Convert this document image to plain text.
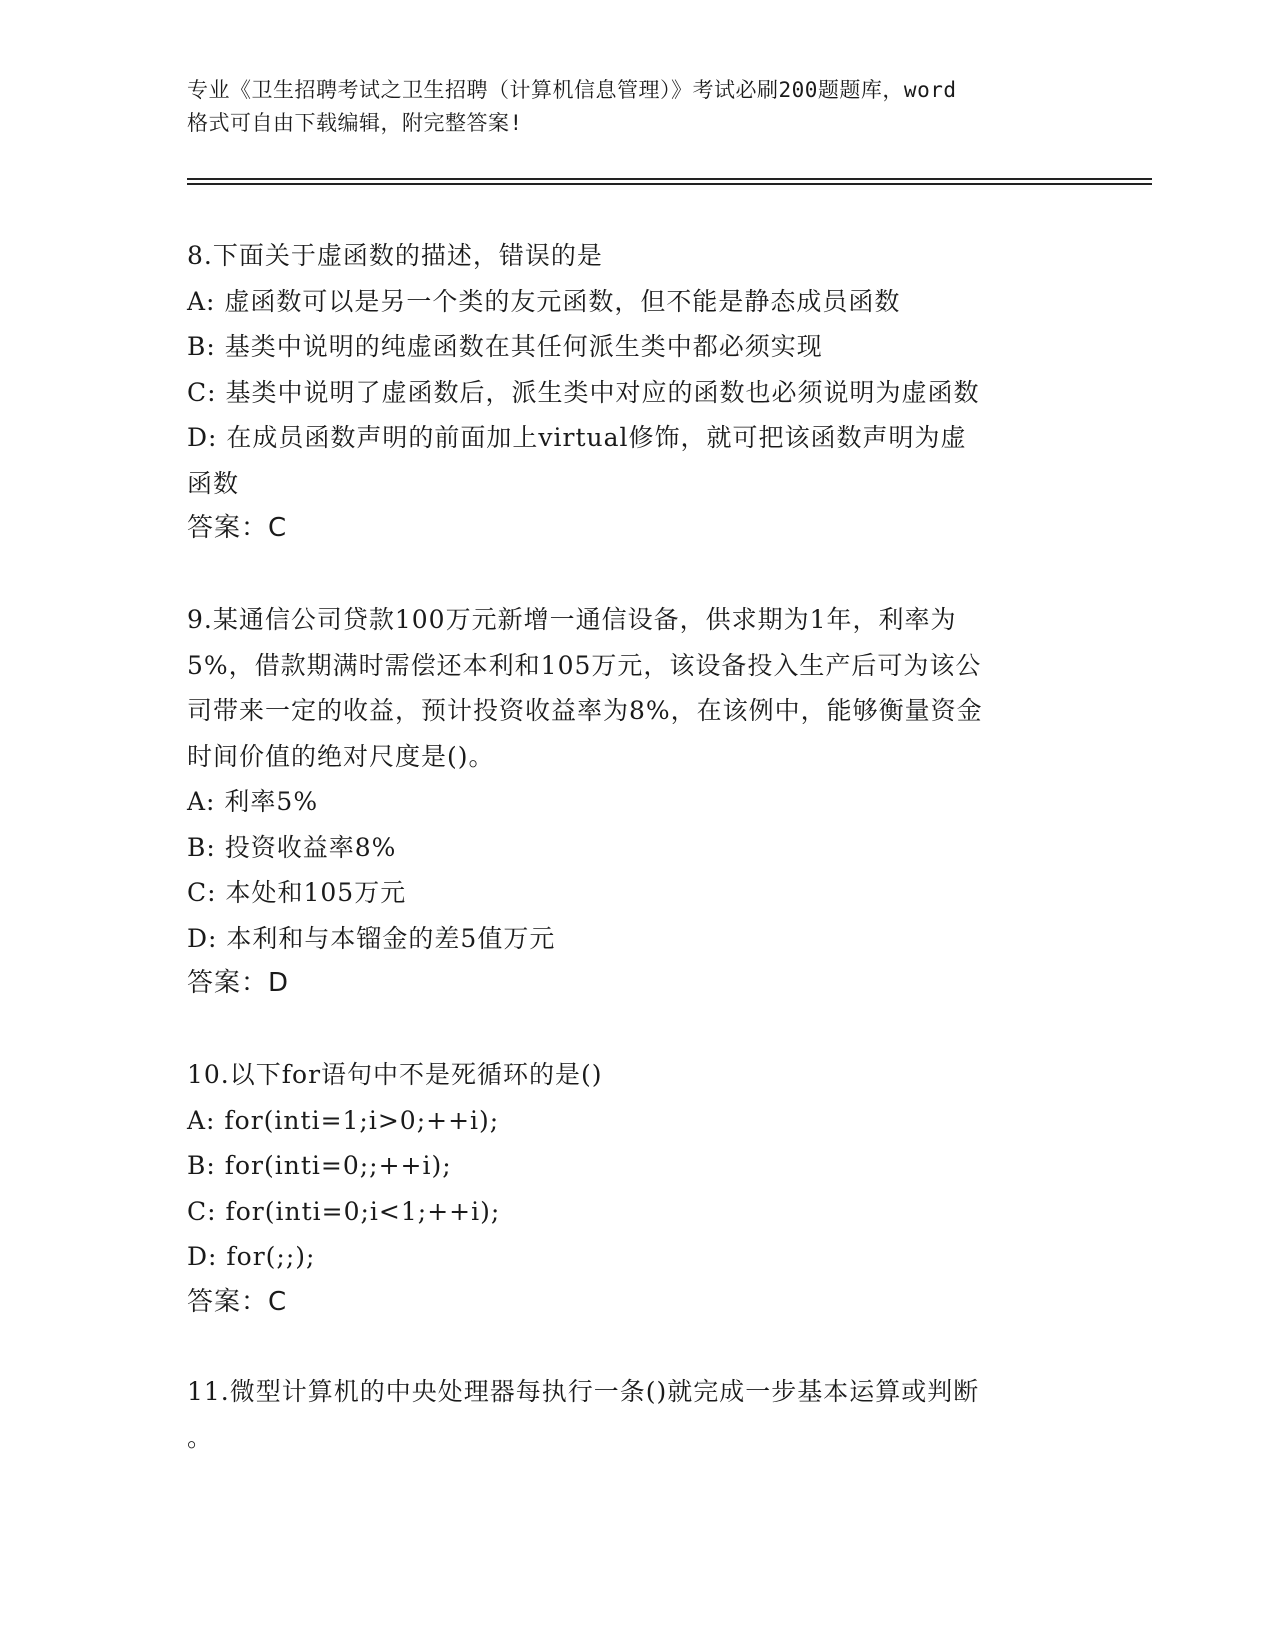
专业《卫生招聘考试之卫生招聘（计算机信息管理）》考试必刷200题题库，word
格式可自由下载编辑，附完整答案!
8.下面关于虚函数的描述，错误的是
A: 虚函数可以是另一个类的友元函数，但不能是静态成员函数
B: 基类中说明的纯虚函数在其任何派生类中都必须实现
C: 基类中说明了虚函数后，派生类中对应的函数也必须说明为虚函数
D: 在成员函数声明的前面加上virtual修饰，就可把该函数声明为虚
函数
答案：C
9.某通信公司贷款100万元新增一通信设备，供求期为1年，利率为
5%，借款期满时需偿还本利和105万元，该设备投入生产后可为该公
司带来一定的收益，预计投资收益率为8%，在该例中，能够衡量资金
时间价值的绝对尺度是()。
A: 利率5%
B: 投资收益率8%
C: 本处和105万元
D: 本利和与本镏金的差5值万元
答案：D
10.以下for语句中不是死循环的是()
A: for(inti=1;i>0;++i);
B: for(inti=0;;++i);
C: for(inti=0;i<1;++i);
D: for(;;);
答案：C
11.微型计算机的中央处理器每执行一条()就完成一步基本运算或判断
。
